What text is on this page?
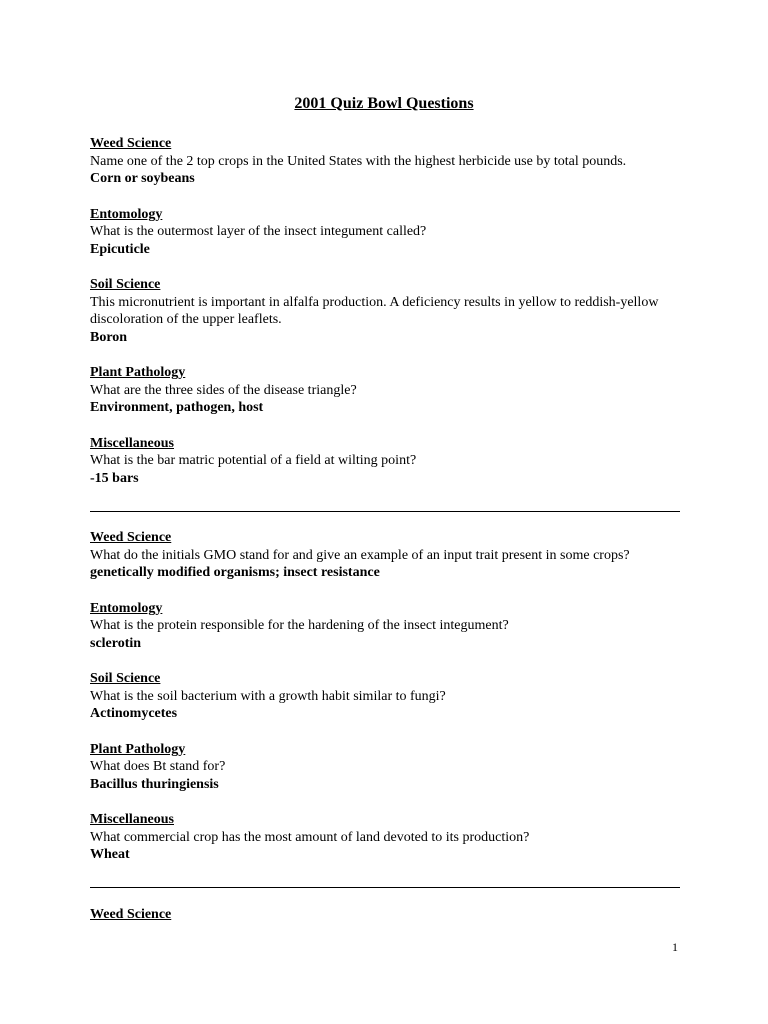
2001 Quiz Bowl Questions

Weed Science
Name one of the 2 top crops in the United States with the highest herbicide use by total pounds.
Corn or soybeans

Entomology
What is the outermost layer of the insect integument called?
Epicuticle

Soil Science
This micronutrient is important in alfalfa production. A deficiency results in yellow to reddish-yellow discoloration of the upper leaflets.
Boron

Plant Pathology
What are the three sides of the disease triangle?
Environment, pathogen, host

Miscellaneous
What is the bar matric potential of a field at wilting point?
-15 bars

Weed Science
What do the initials GMO stand for and give an example of an input trait present in some crops?
genetically modified organisms; insect resistance

Entomology
What is the protein responsible for the hardening of the insect integument?
sclerotin

Soil Science
What is the soil bacterium with a growth habit similar to fungi?
Actinomycetes

Plant Pathology
What does Bt stand for?
Bacillus thuringiensis

Miscellaneous
What commercial crop has the most amount of land devoted to its production?
Wheat

Weed Science

1
